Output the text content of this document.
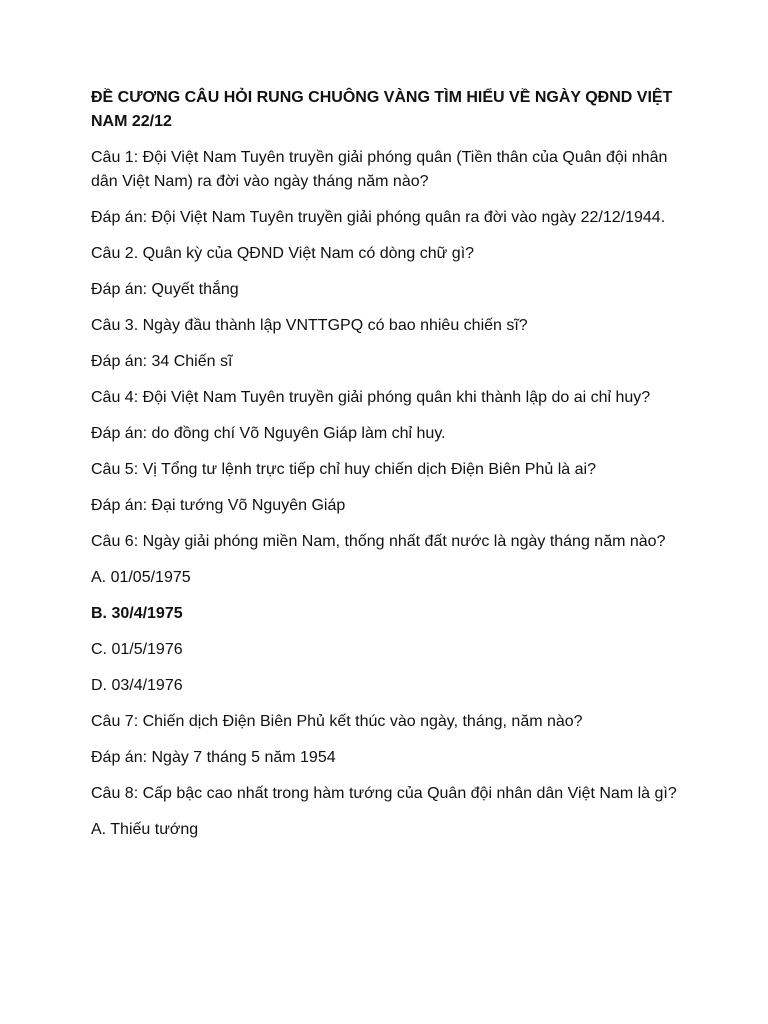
ĐỀ CƯƠNG CÂU HỎI RUNG CHUÔNG VÀNG TÌM HIỂU VỀ NGÀY QĐND VIỆT NAM 22/12
Câu 1: Đội Việt Nam Tuyên truyền giải phóng quân (Tiền thân của Quân đội nhân dân Việt Nam) ra đời vào ngày tháng năm nào?
Đáp án: Đội Việt Nam Tuyên truyền giải phóng quân ra đời vào ngày 22/12/1944.
Câu 2. Quân kỳ của QĐND Việt Nam có dòng chữ gì?
Đáp án: Quyết thắng
Câu 3. Ngày đầu thành lập VNTTGPQ có bao nhiêu chiến sĩ?
Đáp án: 34 Chiến sĩ
Câu 4: Đội Việt Nam Tuyên truyền giải phóng quân khi thành lập do ai chỉ huy?
Đáp án: do đồng chí Võ Nguyên Giáp làm chỉ huy.
Câu 5: Vị Tổng tư lệnh trực tiếp chỉ huy chiến dịch Điện Biên Phủ là ai?
Đáp án: Đại tướng Võ Nguyên Giáp
Câu 6: Ngày giải phóng miền Nam, thống nhất đất nước là ngày tháng năm nào?
A. 01/05/1975
B. 30/4/1975
C. 01/5/1976
D. 03/4/1976
Câu 7: Chiến dịch Điện Biên Phủ kết thúc vào ngày, tháng, năm nào?
Đáp án: Ngày 7 tháng 5 năm 1954
Câu 8: Cấp bậc cao nhất trong hàm tướng của Quân đội nhân dân Việt Nam là gì?
A. Thiếu tướng
